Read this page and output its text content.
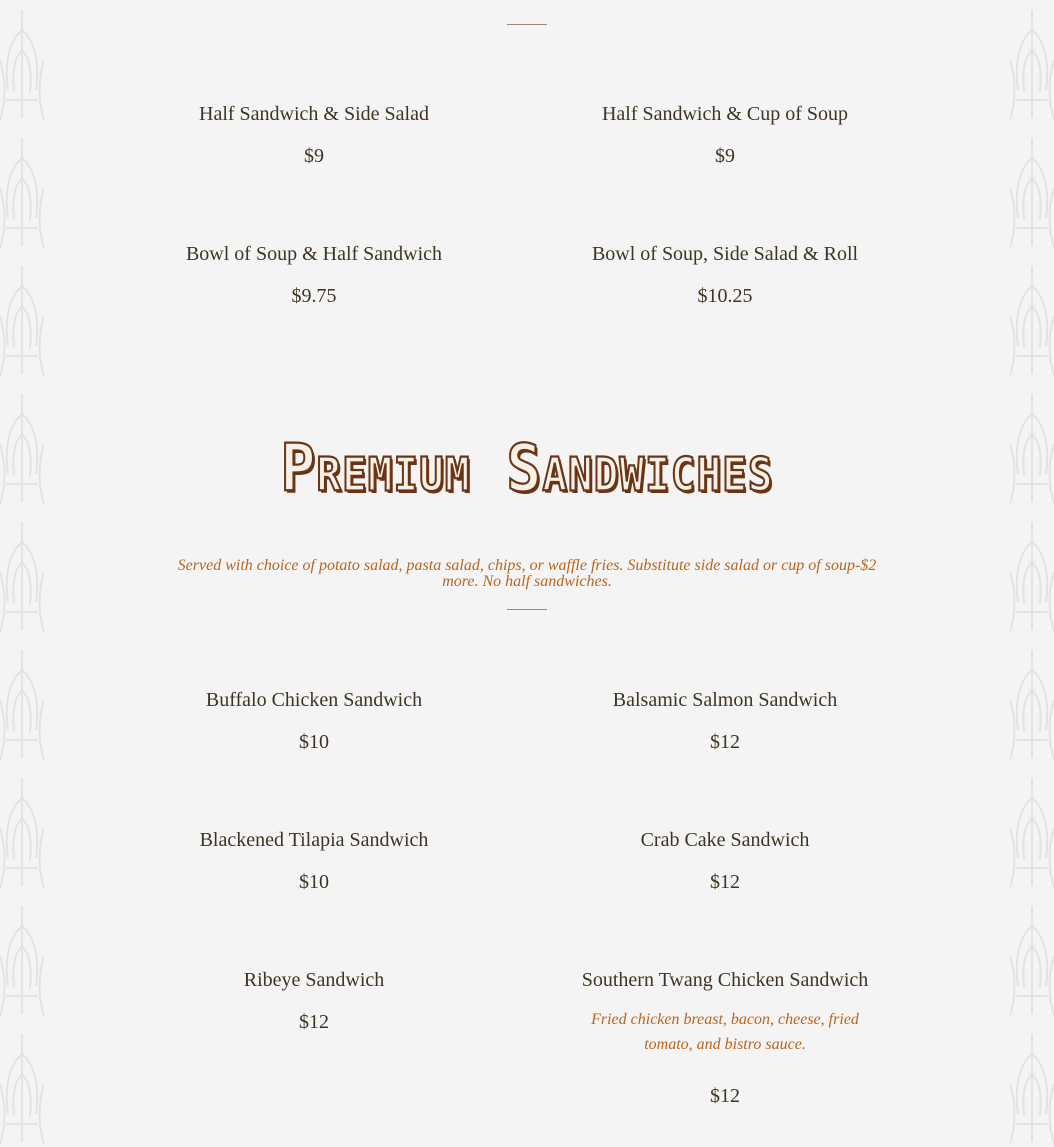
Half Sandwich & Side Salad

$9

Half Sandwich & Cup of Soup

$9

Bowl of Soup & Half Sandwich

$9.75

Bowl of Soup, Side Salad & Roll

$10.25

Premium Sandwiches

Served with choice of potato salad, pasta salad, chips, or waffle fries. Substitute side salad or cup of soup-$2 more. No half sandwiches.

Buffalo Chicken Sandwich

$10

Balsamic Salmon Sandwich

$12

Blackened Tilapia Sandwich

$10

Crab Cake Sandwich

$12

Ribeye Sandwich

$12

Southern Twang Chicken Sandwich

Fried chicken breast, bacon, cheese, fried tomato, and bistro sauce.

$12
